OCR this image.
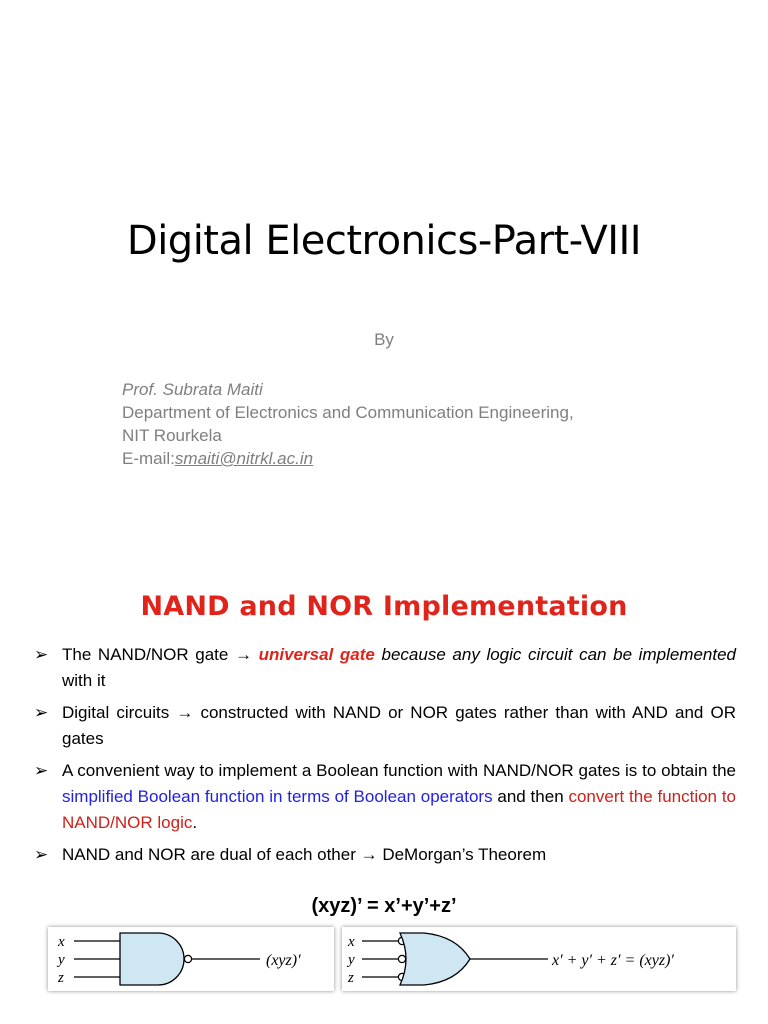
Digital Electronics-Part-VIII
By
Prof. Subrata Maiti
Department of Electronics and Communication Engineering,
NIT Rourkela
E-mail:smaiti@nitrkl.ac.in
NAND and NOR Implementation
➢ The NAND/NOR gate → universal gate because any logic circuit can be implemented with it
➢ Digital circuits → constructed with NAND or NOR gates rather than with AND and OR gates
➢ A convenient way to implement a Boolean function with NAND/NOR gates is to obtain the simplified Boolean function in terms of Boolean operators and then convert the function to NAND/NOR logic.
➢ NAND and NOR are dual of each other → DeMorgan’s Theorem
(xyz)’ = x’+y’+z’
x
y
z
(xyz)′
x
y
z
x′ + y′ + z′ = (xyz)′
